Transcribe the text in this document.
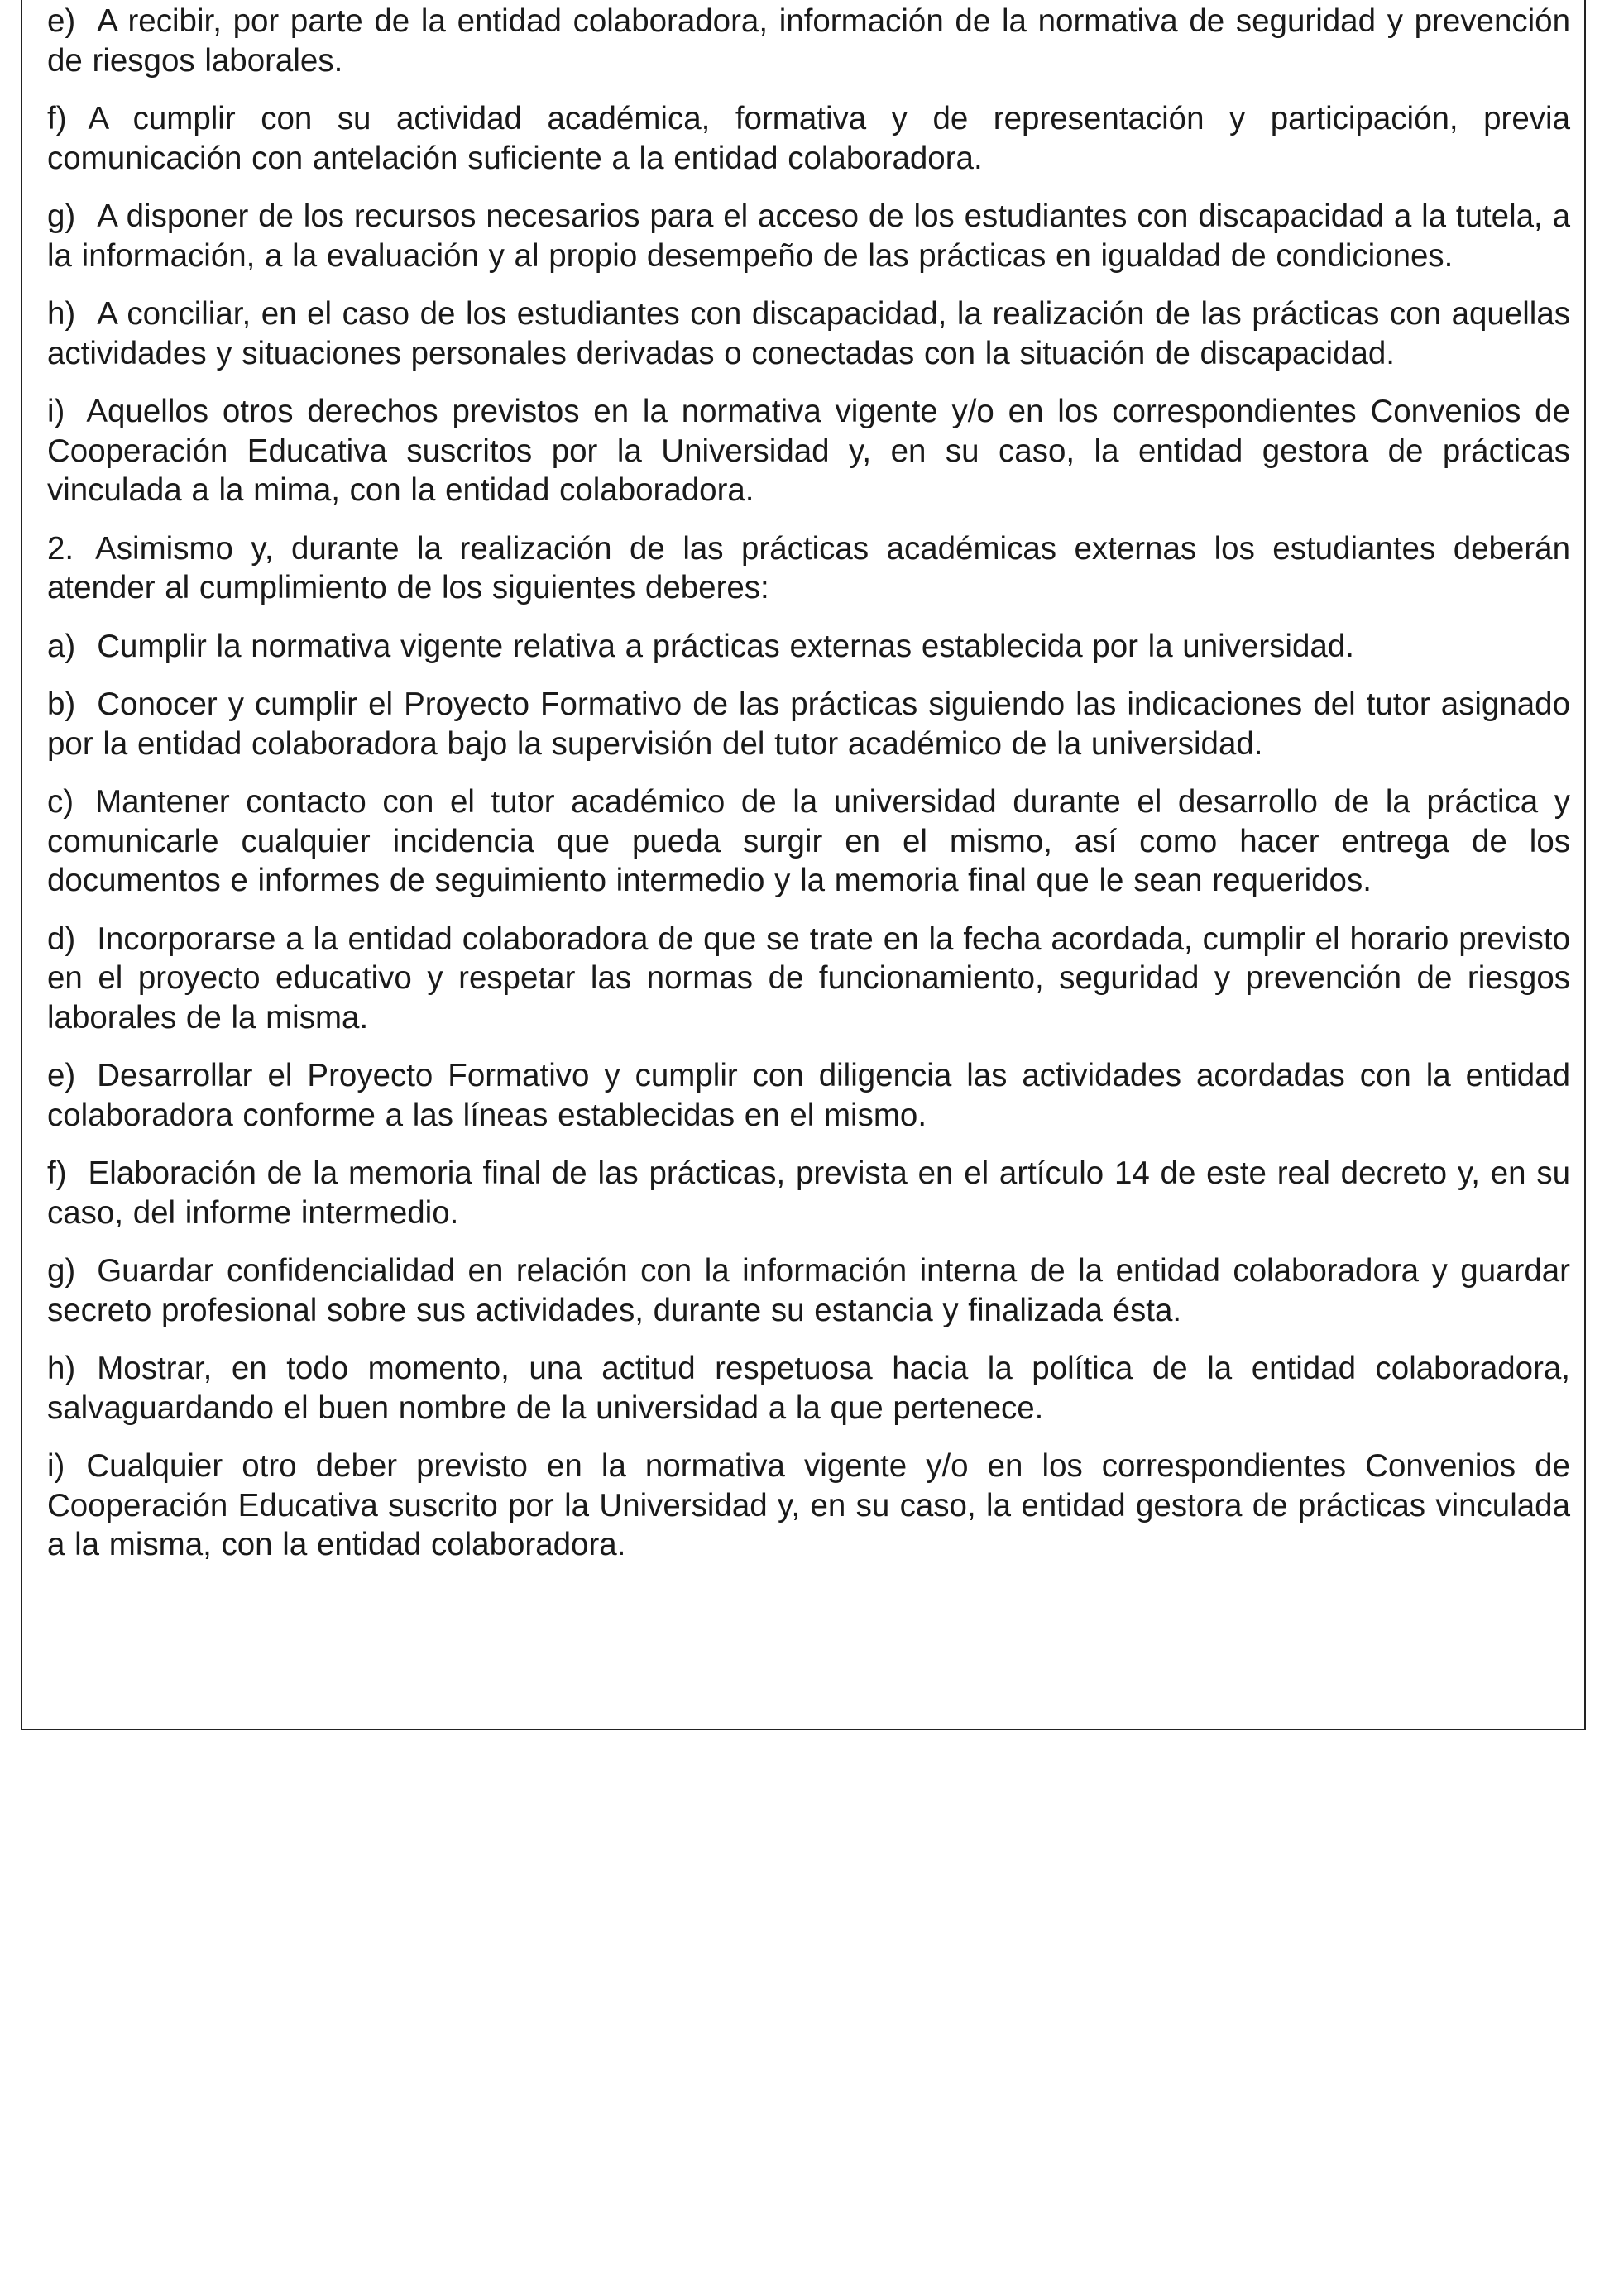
e) A recibir, por parte de la entidad colaboradora, información de la normativa de seguridad y prevención de riesgos laborales.

f) A cumplir con su actividad académica, formativa y de representación y participación, previa comunicación con antelación suficiente a la entidad colaboradora.

g) A disponer de los recursos necesarios para el acceso de los estudiantes con discapacidad a la tutela, a la información, a la evaluación y al propio desempeño de las prácticas en igualdad de condiciones.

h) A conciliar, en el caso de los estudiantes con discapacidad, la realización de las prácticas con aquellas actividades y situaciones personales derivadas o conectadas con la situación de discapacidad.

i) Aquellos otros derechos previstos en la normativa vigente y/o en los correspondientes Convenios de Cooperación Educativa suscritos por la Universidad y, en su caso, la entidad gestora de prácticas vinculada a la mima, con la entidad colaboradora.

2. Asimismo y, durante la realización de las prácticas académicas externas los estudiantes deberán atender al cumplimiento de los siguientes deberes:

a) Cumplir la normativa vigente relativa a prácticas externas establecida por la universidad.

b) Conocer y cumplir el Proyecto Formativo de las prácticas siguiendo las indicaciones del tutor asignado por la entidad colaboradora bajo la supervisión del tutor académico de la universidad.

c) Mantener contacto con el tutor académico de la universidad durante el desarrollo de la práctica y comunicarle cualquier incidencia que pueda surgir en el mismo, así como hacer entrega de los documentos e informes de seguimiento intermedio y la memoria final que le sean requeridos.

d) Incorporarse a la entidad colaboradora de que se trate en la fecha acordada, cumplir el horario previsto en el proyecto educativo y respetar las normas de funcionamiento, seguridad y prevención de riesgos laborales de la misma.

e) Desarrollar el Proyecto Formativo y cumplir con diligencia las actividades acordadas con la entidad colaboradora conforme a las líneas establecidas en el mismo.

f) Elaboración de la memoria final de las prácticas, prevista en el artículo 14 de este real decreto y, en su caso, del informe intermedio.

g) Guardar confidencialidad en relación con la información interna de la entidad colaboradora y guardar secreto profesional sobre sus actividades, durante su estancia y finalizada ésta.

h) Mostrar, en todo momento, una actitud respetuosa hacia la política de la entidad colaboradora, salvaguardando el buen nombre de la universidad a la que pertenece.

i) Cualquier otro deber previsto en la normativa vigente y/o en los correspondientes Convenios de Cooperación Educativa suscrito por la Universidad y, en su caso, la entidad gestora de prácticas vinculada a la misma, con la entidad colaboradora.
